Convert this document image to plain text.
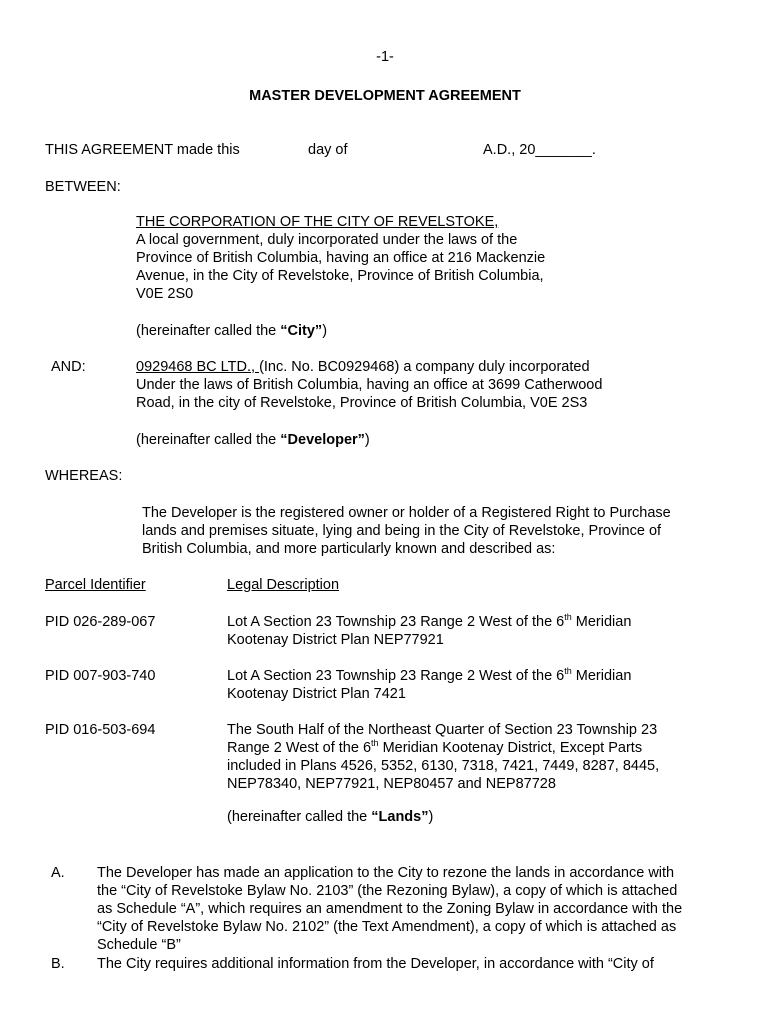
-1-
MASTER DEVELOPMENT AGREEMENT
THIS AGREEMENT made this	day of	A.D., 20_______.
BETWEEN:
THE CORPORATION OF THE CITY OF REVELSTOKE,
A local government, duly incorporated under the laws of the
Province of British Columbia, having an office at 216 Mackenzie
Avenue, in the City of Revelstoke, Province of British Columbia,
V0E 2S0
(hereinafter called the “City”)
AND:	0929468 BC LTD., (Inc. No. BC0929468) a company duly incorporated
Under the laws of British Columbia, having an office at 3699 Catherwood
Road, in the city of Revelstoke, Province of British Columbia, V0E 2S3
(hereinafter called the “Developer”)
WHEREAS:
The Developer is the registered owner or holder of a Registered Right to Purchase
lands and premises situate, lying and being in the City of Revelstoke, Province of
British Columbia, and more particularly known and described as:
Parcel Identifier	Legal Description
PID 026-289-067	Lot A Section 23 Township 23 Range 2 West of the 6th Meridian
Kootenay District Plan NEP77921
PID 007-903-740	Lot A Section 23 Township 23 Range 2 West of the 6th Meridian
Kootenay District Plan 7421
PID 016-503-694	The South Half of the Northeast Quarter of Section 23 Township 23
Range 2 West of the 6th Meridian Kootenay District, Except Parts
included in Plans 4526, 5352, 6130, 7318, 7421, 7449, 8287, 8445,
NEP78340, NEP77921, NEP80457 and NEP87728
(hereinafter called the “Lands”)
A. The Developer has made an application to the City to rezone the lands in accordance with
the “City of Revelstoke Bylaw No. 2103” (the Rezoning Bylaw), a copy of which is attached
as Schedule “A”, which requires an amendment to the Zoning Bylaw in accordance with the
“City of Revelstoke Bylaw No. 2102” (the Text Amendment), a copy of which is attached as
Schedule “B”
B. The City requires additional information from the Developer, in accordance with “City of
